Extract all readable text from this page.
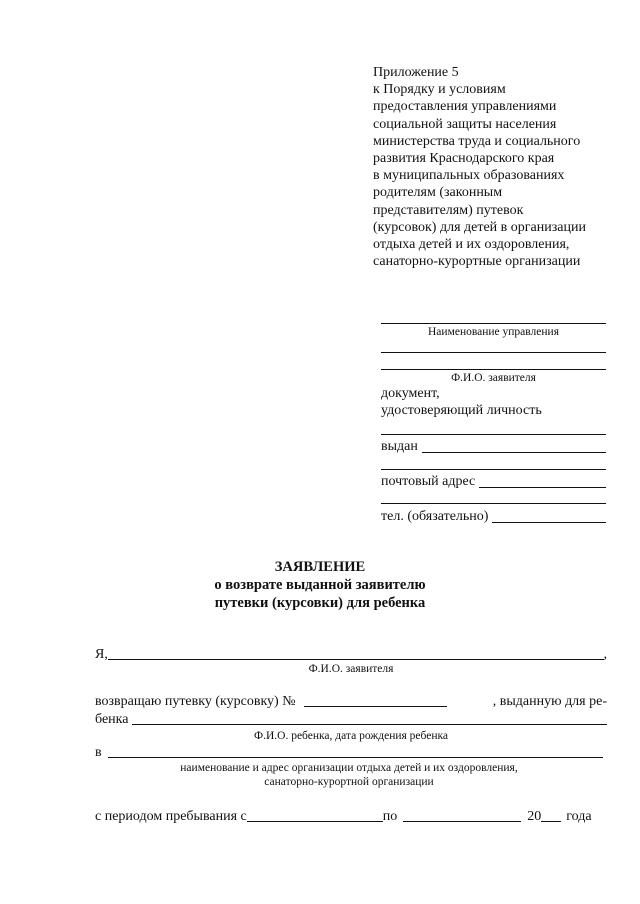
Приложение 5
к Порядку и условиям
предоставления управлениями
социальной защиты населения
министерства труда и социального
развития Краснодарского края
в муниципальных образованиях
родителям (законным
представителям) путевок
(курсовок) для детей в организации
отдыха детей и их оздоровления,
санаторно-курортные организации
Наименование управления
Ф.И.О. заявителя
документ,
удостоверяющий личность
выдан
почтовый адрес
тел. (обязательно)
ЗАЯВЛЕНИЕ
о возврате выданной заявителю
путевки (курсовки) для ребенка
Я,	,
Ф.И.О. заявителя
возвращаю путевку (курсовку) №	, выданную для ре-
бенка
Ф.И.О. ребенка, дата рождения ребенка
в
наименование и адрес организации отдыха детей и их оздоровления,
санаторно-курортной организации
с периодом пребывания с	по	20 года
